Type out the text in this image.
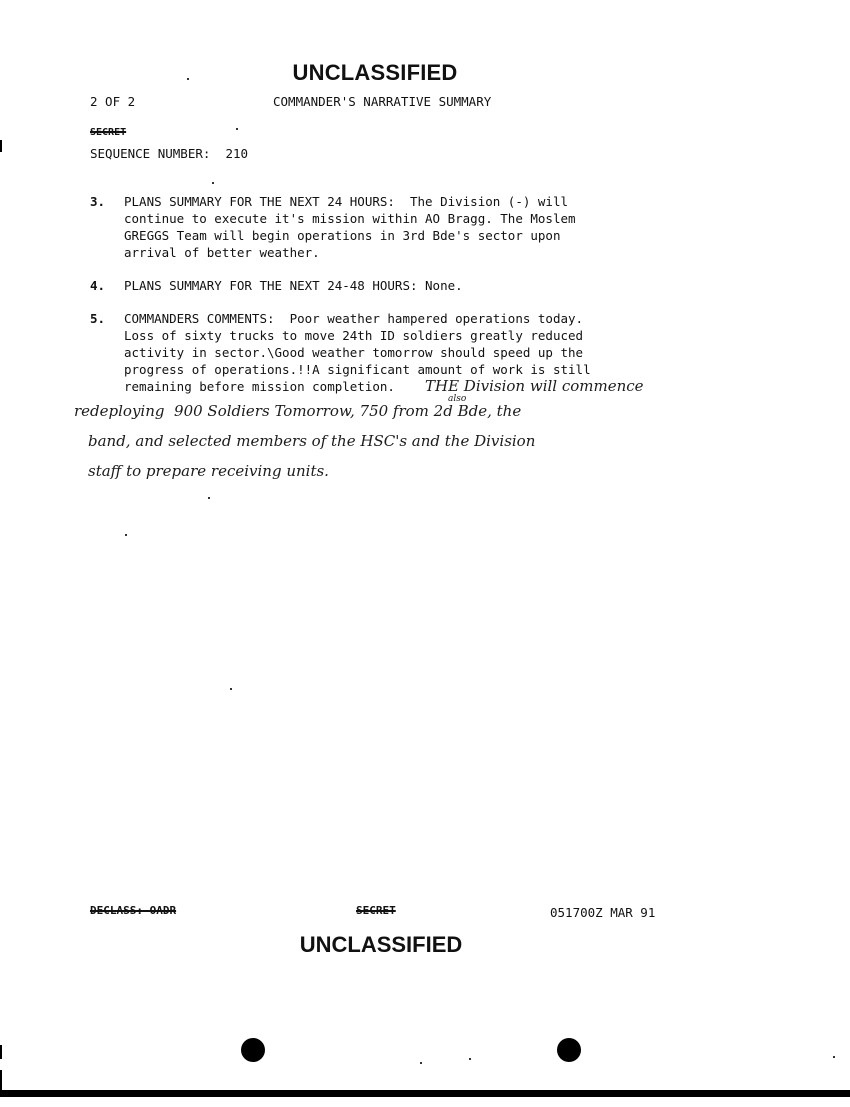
UNCLASSIFIED
2 OF 2	COMMANDER'S NARRATIVE SUMMARY
SECRET
SEQUENCE NUMBER: 210
3. PLANS SUMMARY FOR THE NEXT 24 HOURS:  The Division (-) will
continue to execute it's mission within AO Bragg. The Moslem
GREGGS Team will begin operations in 3rd Bde's sector upon
arrival of better weather.
4. PLANS SUMMARY FOR THE NEXT 24-48 HOURS: None.
5. COMMANDERS COMMENTS:  Poor weather hampered operations today.
Loss of sixty trucks to move 24th ID soldiers greatly reduced
activity in sector.\Good weather tomorrow should speed up the
progress of operations.!!A significant amount of work is still
remaining before mission completion.	THE Division will commence
also
redeploying  900 Soldiers Tomorrow, 750 from 2d Bde, the
band, and selected members of the HSC's and the Division
staff to prepare receiving units.
DECLASS: OADR	SECRET	051700Z MAR 91
UNCLASSIFIED
